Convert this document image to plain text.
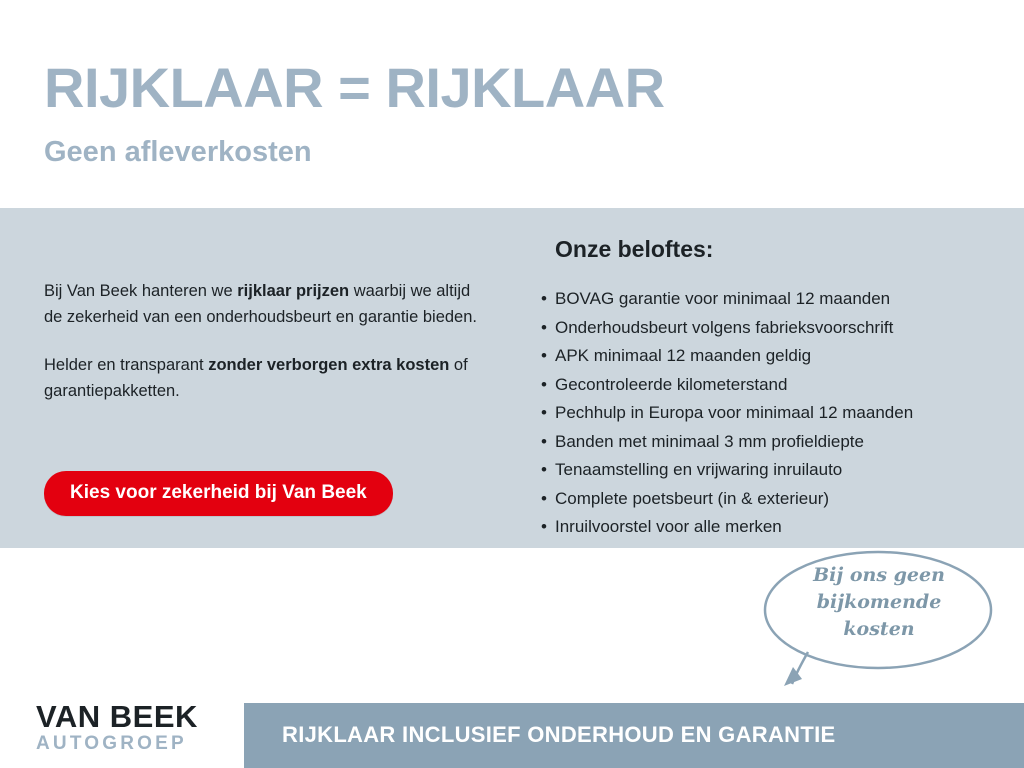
RIJKLAAR = RIJKLAAR
Geen afleverkosten

Bij Van Beek hanteren we rijklaar prijzen waarbij we altijd de zekerheid van een onderhoudsbeurt en garantie bieden.

Helder en transparant zonder verborgen extra kosten of garantiepakketten.

Kies voor zekerheid bij Van Beek
Onze beloftes:
• BOVAG garantie voor minimaal 12 maanden
• Onderhoudsbeurt volgens fabrieksvoorschrift
• APK minimaal 12 maanden geldig
• Gecontroleerde kilometerstand
• Pechhulp in Europa voor minimaal 12 maanden
• Banden met minimaal 3 mm profieldiepte
• Tenaamstelling en vrijwaring inruilauto
• Complete poetsbeurt (in & exterieur)
• Inruilvoorstel voor alle merken
Bij ons geen bijkomende kosten
VAN BEEK
AUTOGROEP	RIJKLAAR INCLUSIEF ONDERHOUD EN GARANTIE
